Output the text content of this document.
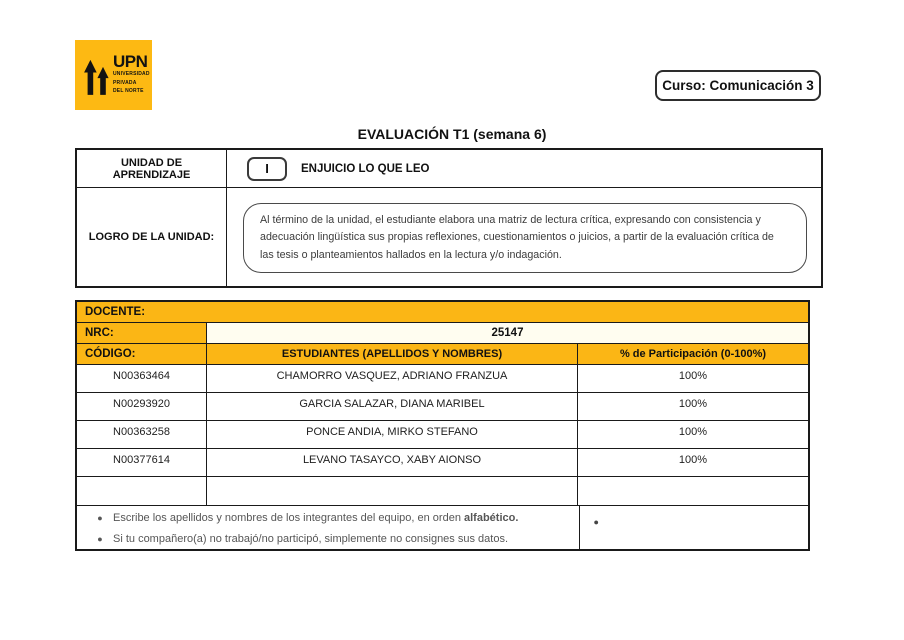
UPN
UNIVERSIDAD
PRIVADA
DEL NORTE	Curso: Comunicación 3
EVALUACIÓN T1 (semana 6)
UNIDAD DE APRENDIZAJE	I	ENJUICIO LO QUE LEO
LOGRO DE LA UNIDAD:
Al término de la unidad, el estudiante elabora una matriz de lectura crítica, expresando con consistencia y adecuación lingüística sus propias reflexiones, cuestionamientos o juicios, a partir de la evaluación crítica de las tesis o planteamientos hallados en la lectura y/o indagación.
DOCENTE:
NRC:	25147
CÓDIGO:	ESTUDIANTES (APELLIDOS Y NOMBRES)	% de Participación (0-100%)
N00363464	CHAMORRO VASQUEZ, ADRIANO FRANZUA	100%
N00293920	GARCIA SALAZAR, DIANA MARIBEL	100%
N00363258	PONCE ANDIA, MIRKO STEFANO	100%
N00377614	LEVANO TASAYCO, XABY AIONSO	100%
● Escribe los apellidos y nombres de los integrantes del equipo, en orden alfabético.
● Si tu compañero(a) no trabajó/no participó, simplemente no consignes sus datos.
●
